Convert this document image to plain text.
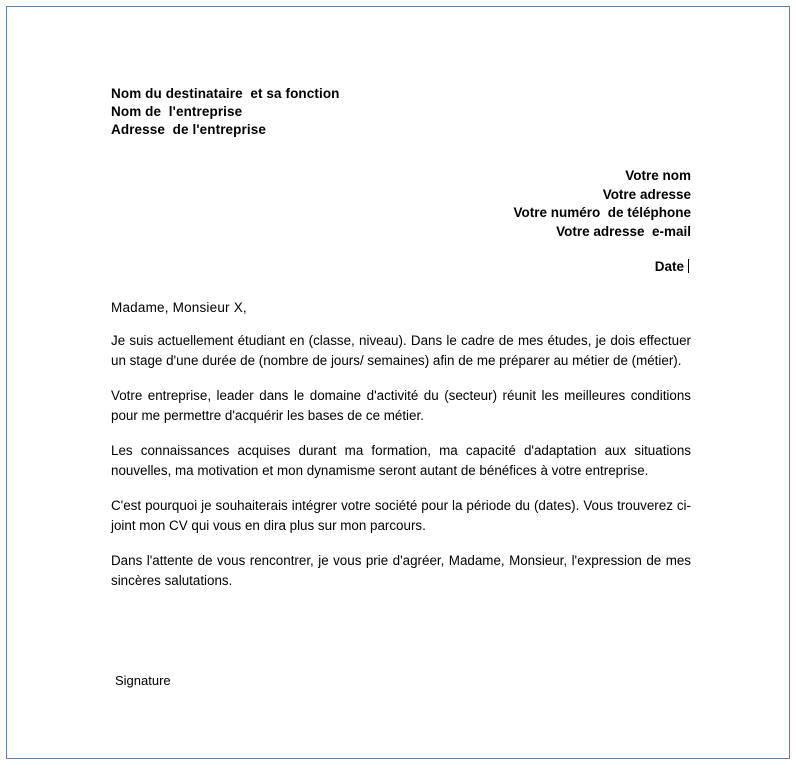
Nom du destinataire  et sa fonction
Nom de  l'entreprise
Adresse  de l'entreprise
Votre nom
Votre adresse
Votre numéro  de téléphone
Votre adresse  e-mail
Date
Madame, Monsieur X,
Je suis actuellement étudiant en (classe, niveau). Dans le cadre de mes études, je dois effectuer un stage d'une durée de (nombre de jours/ semaines) afin de me préparer au métier de (métier).
Votre entreprise, leader dans le domaine d'activité du (secteur) réunit les meilleures conditions pour me permettre d'acquérir les bases de ce métier.
Les connaissances acquises durant ma formation, ma capacité d'adaptation aux situations nouvelles, ma motivation et mon dynamisme seront autant de bénéfices à votre entreprise.
C'est pourquoi je souhaiterais intégrer votre société pour la période du (dates). Vous trouverez ci-joint mon CV qui vous en dira plus sur mon parcours.
Dans l'attente de vous rencontrer, je vous prie d'agréer, Madame, Monsieur, l'expression de mes sincères salutations.
Signature
